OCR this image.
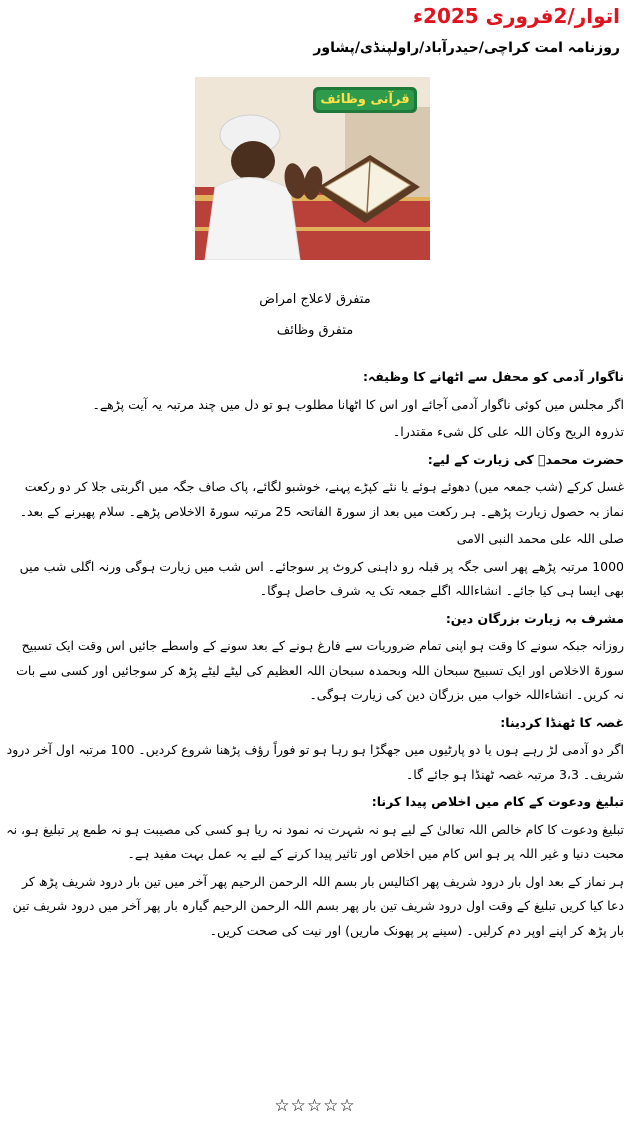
اتوار/2فروری 2025ء
روزنامہ امت کراچی/حیدرآباد/راولپنڈی/پشاور
قرآنی وظائف
متفرق لاعلاج امراض
متفرق وظائف

ناگوار آدمی کو محفل سے اٹھانے کا وظیفہ:

اگر مجلس میں کوئی ناگوار آدمی آجائے اور اس کا اٹھانا مطلوب ہو تو دل میں چند مرتبہ یہ آیت پڑھے۔

تذروہ الریح وکان اللہ علی کل شیء مقتدرا۔

حضرت محمدؐ کی زیارت کے لیے:

غسل کرکے (شب جمعہ میں) دھوئے ہوئے یا نئے کپڑے پہنے، خوشبو لگائے، پاک صاف جگہ میں اگربتی جلا کر دو رکعت نماز بہ حصول زیارت پڑھے۔ ہر رکعت میں بعد از سورۃ الفاتحہ 25 مرتبہ سورۃ الاخلاص پڑھے۔ سلام پھیرنے کے بعد۔

صلی اللہ علی محمد النبی الامی

1000 مرتبہ پڑھے پھر اسی جگہ پر قبلہ رو داہنی کروٹ پر سوجائے۔ اس شب میں زیارت ہوگی ورنہ اگلی شب میں بھی ایسا ہی کیا جائے۔ انشاءاللہ اگلے جمعہ تک یہ شرف حاصل ہوگا۔

مشرف بہ زیارت بزرگان دین:

روزانہ جبکہ سونے کا وقت ہو اپنی تمام ضروریات سے فارغ ہونے کے بعد سونے کے واسطے جائیں اس وقت ایک تسبیح سورۃ الاخلاص اور ایک تسبیح سبحان اللہ وبحمدہ سبحان اللہ العظیم کی لیٹے لیٹے پڑھ کر سوجائیں اور کسی سے بات نہ کریں۔ انشاءاللہ خواب میں بزرگان دین کی زیارت ہوگی۔

غصہ کا ٹھنڈا کردینا:

اگر دو آدمی لڑ رہے ہوں یا دو پارٹیوں میں جھگڑا ہو رہا ہو تو فوراً رؤف پڑھنا شروع کردیں۔ 100 مرتبہ اول آخر درود شریف۔ 3،3 مرتبہ غصہ ٹھنڈا ہو جائے گا۔

تبلیغ ودعوت کے کام میں اخلاص پیدا کرنا:

تبلیغ ودعوت کا کام خالص اللہ تعالیٰ کے لیے ہو نہ شہرت نہ نمود نہ ریا ہو کسی کی مصیبت ہو نہ طمع پر تبلیغ ہو، نہ محبت دنیا و غیر اللہ پر ہو اس کام میں اخلاص اور تاثیر پیدا کرنے کے لیے یہ عمل بہت مفید ہے۔

ہر نماز کے بعد اول بار درود شریف پھر اکتالیس بار بسم اللہ الرحمن الرحیم پھر آخر میں تین بار درود شریف پڑھ کر دعا کیا کریں تبلیغ کے وقت اول درود شریف تین بار پھر بسم اللہ الرحمن الرحیم گیارہ بار پھر آخر میں درود شریف تین بار پڑھ کر اپنے اوپر دم کرلیں۔ (سینے پر پھونک ماریں) اور نیت کی صحت کریں۔

☆☆☆☆☆
